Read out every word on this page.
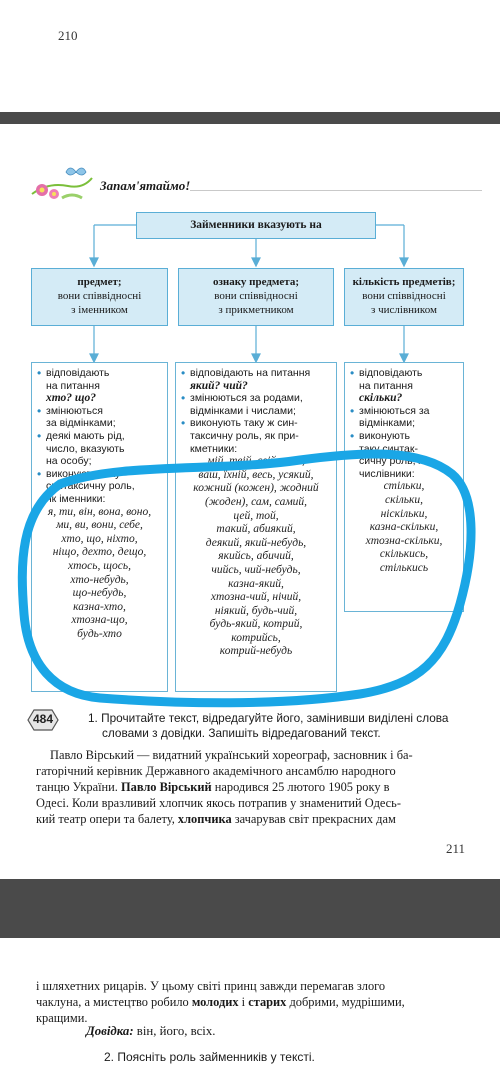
210
Запам'ятаймо!
Займенники вказують на
предмет;
вони співвідносні
з іменником
ознаку предмета;
вони співвідносні
з прикметником
кількість предметів;
вони співвідносні
з числівником
• відповідають
на питання
хто? що?
• змінюються
за відмінками;
• деякі мають рід,
число, вказують
на особу;
• виконують таку
синтаксичну роль,
як іменники:
я, ти, він, вона, воно,
ми, ви, вони, себе,
хто, що, ніхто,
ніщо, дехто, дещо,
хтось, щось,
хто-небудь,
що-небудь,
казна-хто,
хтозна-що,
будь-хто
• відповідають на питання
який? чий?
• змінюються за родами,
відмінками і числами;
• виконують таку ж син-
таксичну роль, як при-
кметники:
мій, твій, свій, наш,
ваш, їхній, весь, усякий,
кожний (кожен), жодний
(жоден), сам, самий,
цей, той,
такий, абиякий,
деякий, який-небудь,
якийсь, абичий,
чийсь, чий-небудь,
казна-який,
хтозна-чий, нічий,
ніякий, будь-чий,
будь-який, котрий,
котрийсь,
котрий-небудь
• відповідають
на питання
скільки?
• змінюються за
відмінками;
• виконують
таку синтак-
сичну роль, як
числівники:
стільки,
скільки,
ніскільки,
казна-скільки,
хтозна-скільки,
скількись,
стількись
484	1. Прочитайте текст, відредагуйте його, замінивши виділені слова
словами з довідки. Запишіть відредагований текст.
Павло Вірський — видатний український хореограф, засновник і ба-
гаторічний керівник Державного академічного ансамблю народного
танцю України. Павло Вірський народився 25 лютого 1905 року в
Одесі. Коли вразливий хлопчик якось потрапив у знаменитий Одесь-
кий театр опери та балету, хлопчика зачарував світ прекрасних дам
211
і шляхетних рицарів. У цьому світі принц завжди перемагав злого
чаклуна, а мистецтво робило молодих і старих добрими, мудрішими,
кращими.
Довідка: він, його, всіх.
2. Поясніть роль займенників у тексті.
